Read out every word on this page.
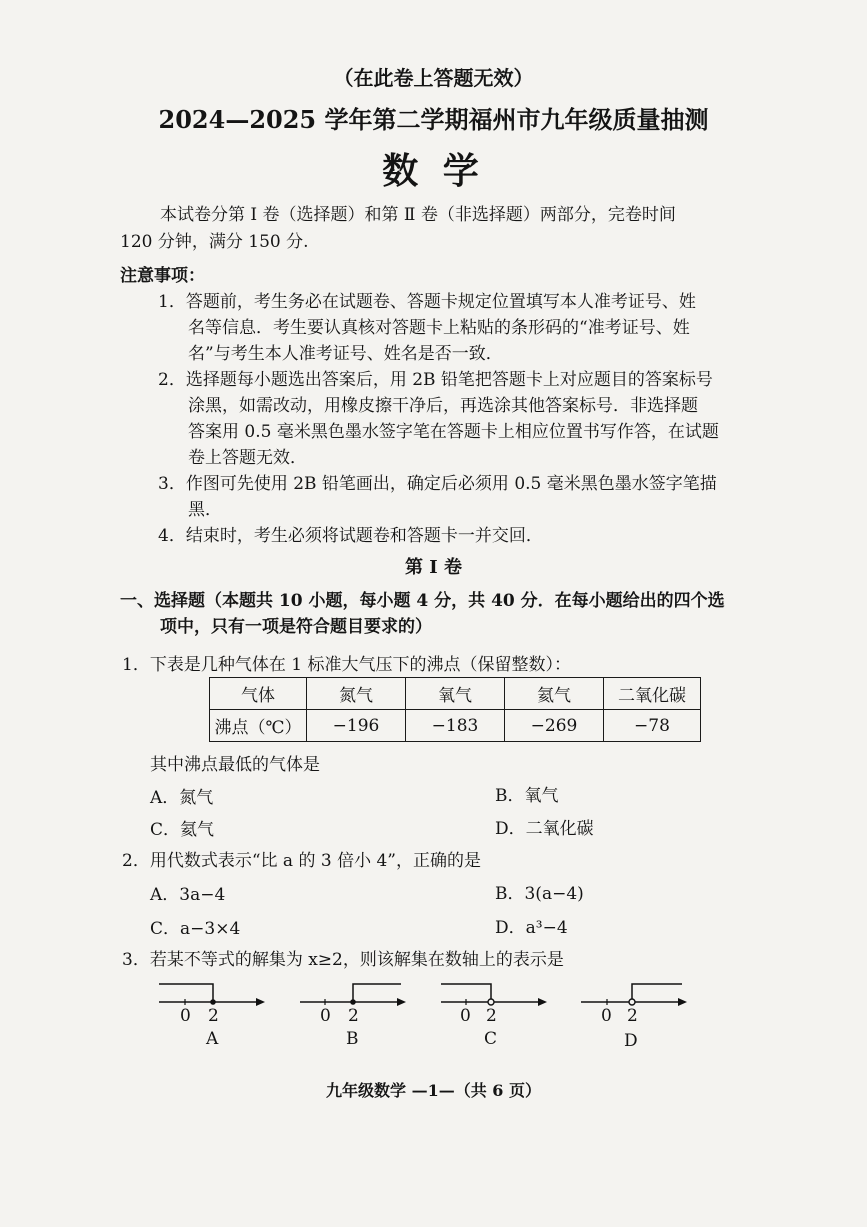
（在此卷上答题无效）
2024—2025 学年第二学期福州市九年级质量抽测
数 学
本试卷分第 Ⅰ 卷（选择题）和第 Ⅱ 卷（非选择题）两部分，完卷时间
120 分钟，满分 150 分.
注意事项：
1．答题前，考生务必在试题卷、答题卡规定位置填写本人准考证号、姓
名等信息．考生要认真核对答题卡上粘贴的条形码的“准考证号、姓
名”与考生本人准考证号、姓名是否一致．
2．选择题每小题选出答案后，用 2B 铅笔把答题卡上对应题目的答案标号
涂黑，如需改动，用橡皮擦干净后，再选涂其他答案标号．非选择题
答案用 0.5 毫米黑色墨水签字笔在答题卡上相应位置书写作答，在试题
卷上答题无效．
3．作图可先使用 2B 铅笔画出，确定后必须用 0.5 毫米黑色墨水签字笔描
黑．
4．结束时，考生必须将试题卷和答题卡一并交回．
第 Ⅰ 卷
一、选择题（本题共 10 小题，每小题 4 分，共 40 分．在每小题给出的四个选
项中，只有一项是符合题目要求的）
1．下表是几种气体在 1 标准大气压下的沸点（保留整数）：
气体	氮气	氧气	氦气	二氧化碳
沸点（℃）	−196	−183	−269	−78
其中沸点最低的气体是
A．氮气	B．氧气
C．氦气	D．二氧化碳
2．用代数式表示“比 a 的 3 倍小 4”，正确的是
A．3a−4	B．3(a−4)
C．a−3×4	D．a³−4
3．若某不等式的解集为 x≥2，则该解集在数轴上的表示是
0 2
A
0 2
B
0 2
C
0 2
D
九年级数学 —1—（共 6 页）
